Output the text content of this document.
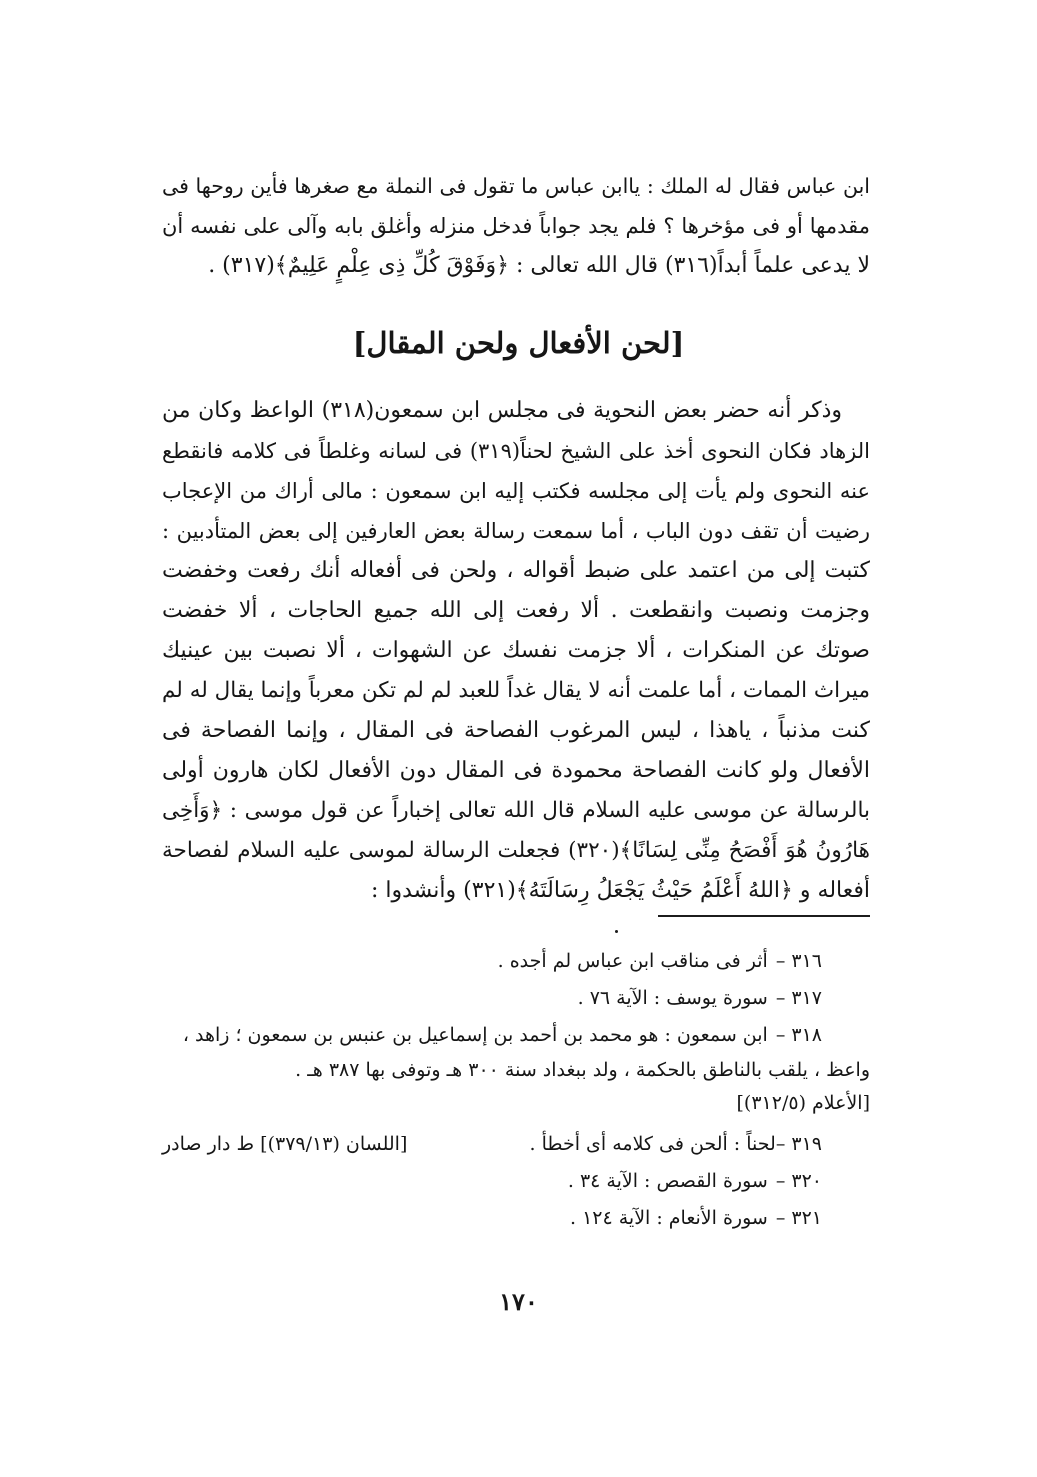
ابن عباس فقال له الملك : ياابن عباس ما تقول فى النملة مع صغرها فأين روحها فى
مقدمها أو فى مؤخرها ؟ فلم يجد جواباً فدخل منزله وأغلق بابه وآلى على نفسه أن
لا يدعى علماً أبداً(٣١٦) قال الله تعالى : ﴿وَفَوْقَ كُلِّ ذِى عِلْمٍ عَلِيمٌ﴾(٣١٧) .
[لحن الأفعال ولحن المقال]
وذكر أنه حضر بعض النحوية فى مجلس ابن سمعون(٣١٨) الواعظ وكان من
الزهاد فكان النحوى أخذ على الشيخ لحناً(٣١٩) فى لسانه وغلطاً فى كلامه فانقطع
عنه النحوى ولم يأت إلى مجلسه فكتب إليه ابن سمعون : مالى أراك من الإعجاب
رضيت أن تقف دون الباب ، أما سمعت رسالة بعض العارفين إلى بعض المتأدبين :
كتبت إلى من اعتمد على ضبط أقواله ، ولحن فى أفعاله أنك رفعت وخفضت
وجزمت ونصبت وانقطعت . ألا رفعت إلى الله جميع الحاجات ، ألا خفضت
صوتك عن المنكرات ، ألا جزمت نفسك عن الشهوات ، ألا نصبت بين عينيك
ميراث الممات ، أما علمت أنه لا يقال غداً للعبد لم لم تكن معرباً وإنما يقال له لم
كنت مذنباً ، ياهذا ، ليس المرغوب الفصاحة فى المقال ، وإنما الفصاحة فى
الأفعال ولو كانت الفصاحة محمودة فى المقال دون الأفعال لكان هارون أولى
بالرسالة عن موسى عليه السلام قال الله تعالى إخباراً عن قول موسى : ﴿وَأَخِى
هَارُونُ هُوَ أَفْصَحُ مِنِّى لِسَانًا﴾(٣٢٠) فجعلت الرسالة لموسى عليه السلام لفصاحة
أفعاله و ﴿اللهُ أَعْلَمُ حَيْثُ يَجْعَلُ رِسَالَتَهُ﴾(٣٢١) وأنشدوا :
٣١٦ –أثر فى مناقب ابن عباس لم أجده .
٣١٧ –سورة يوسف : الآية ٧٦ .
٣١٨ –ابن سمعون : هو محمد بن أحمد بن إسماعيل بن عنبس بن سمعون ؛ زاهد ،
واعظ ، يلقب بالناطق بالحكمة ، ولد ببغداد سنة ٣٠٠ هـ وتوفى بها ٣٨٧ هـ .
[الأعلام (٣١٢/٥)]
٣١٩ –لحناً : ألحن فى كلامه أى أخطأ .
[اللسان (٣٧٩/١٣)] ط دار صادر
٣٢٠ –سورة القصص : الآية ٣٤ .
٣٢١ –سورة الأنعام : الآية ١٢٤ .
١٧٠
